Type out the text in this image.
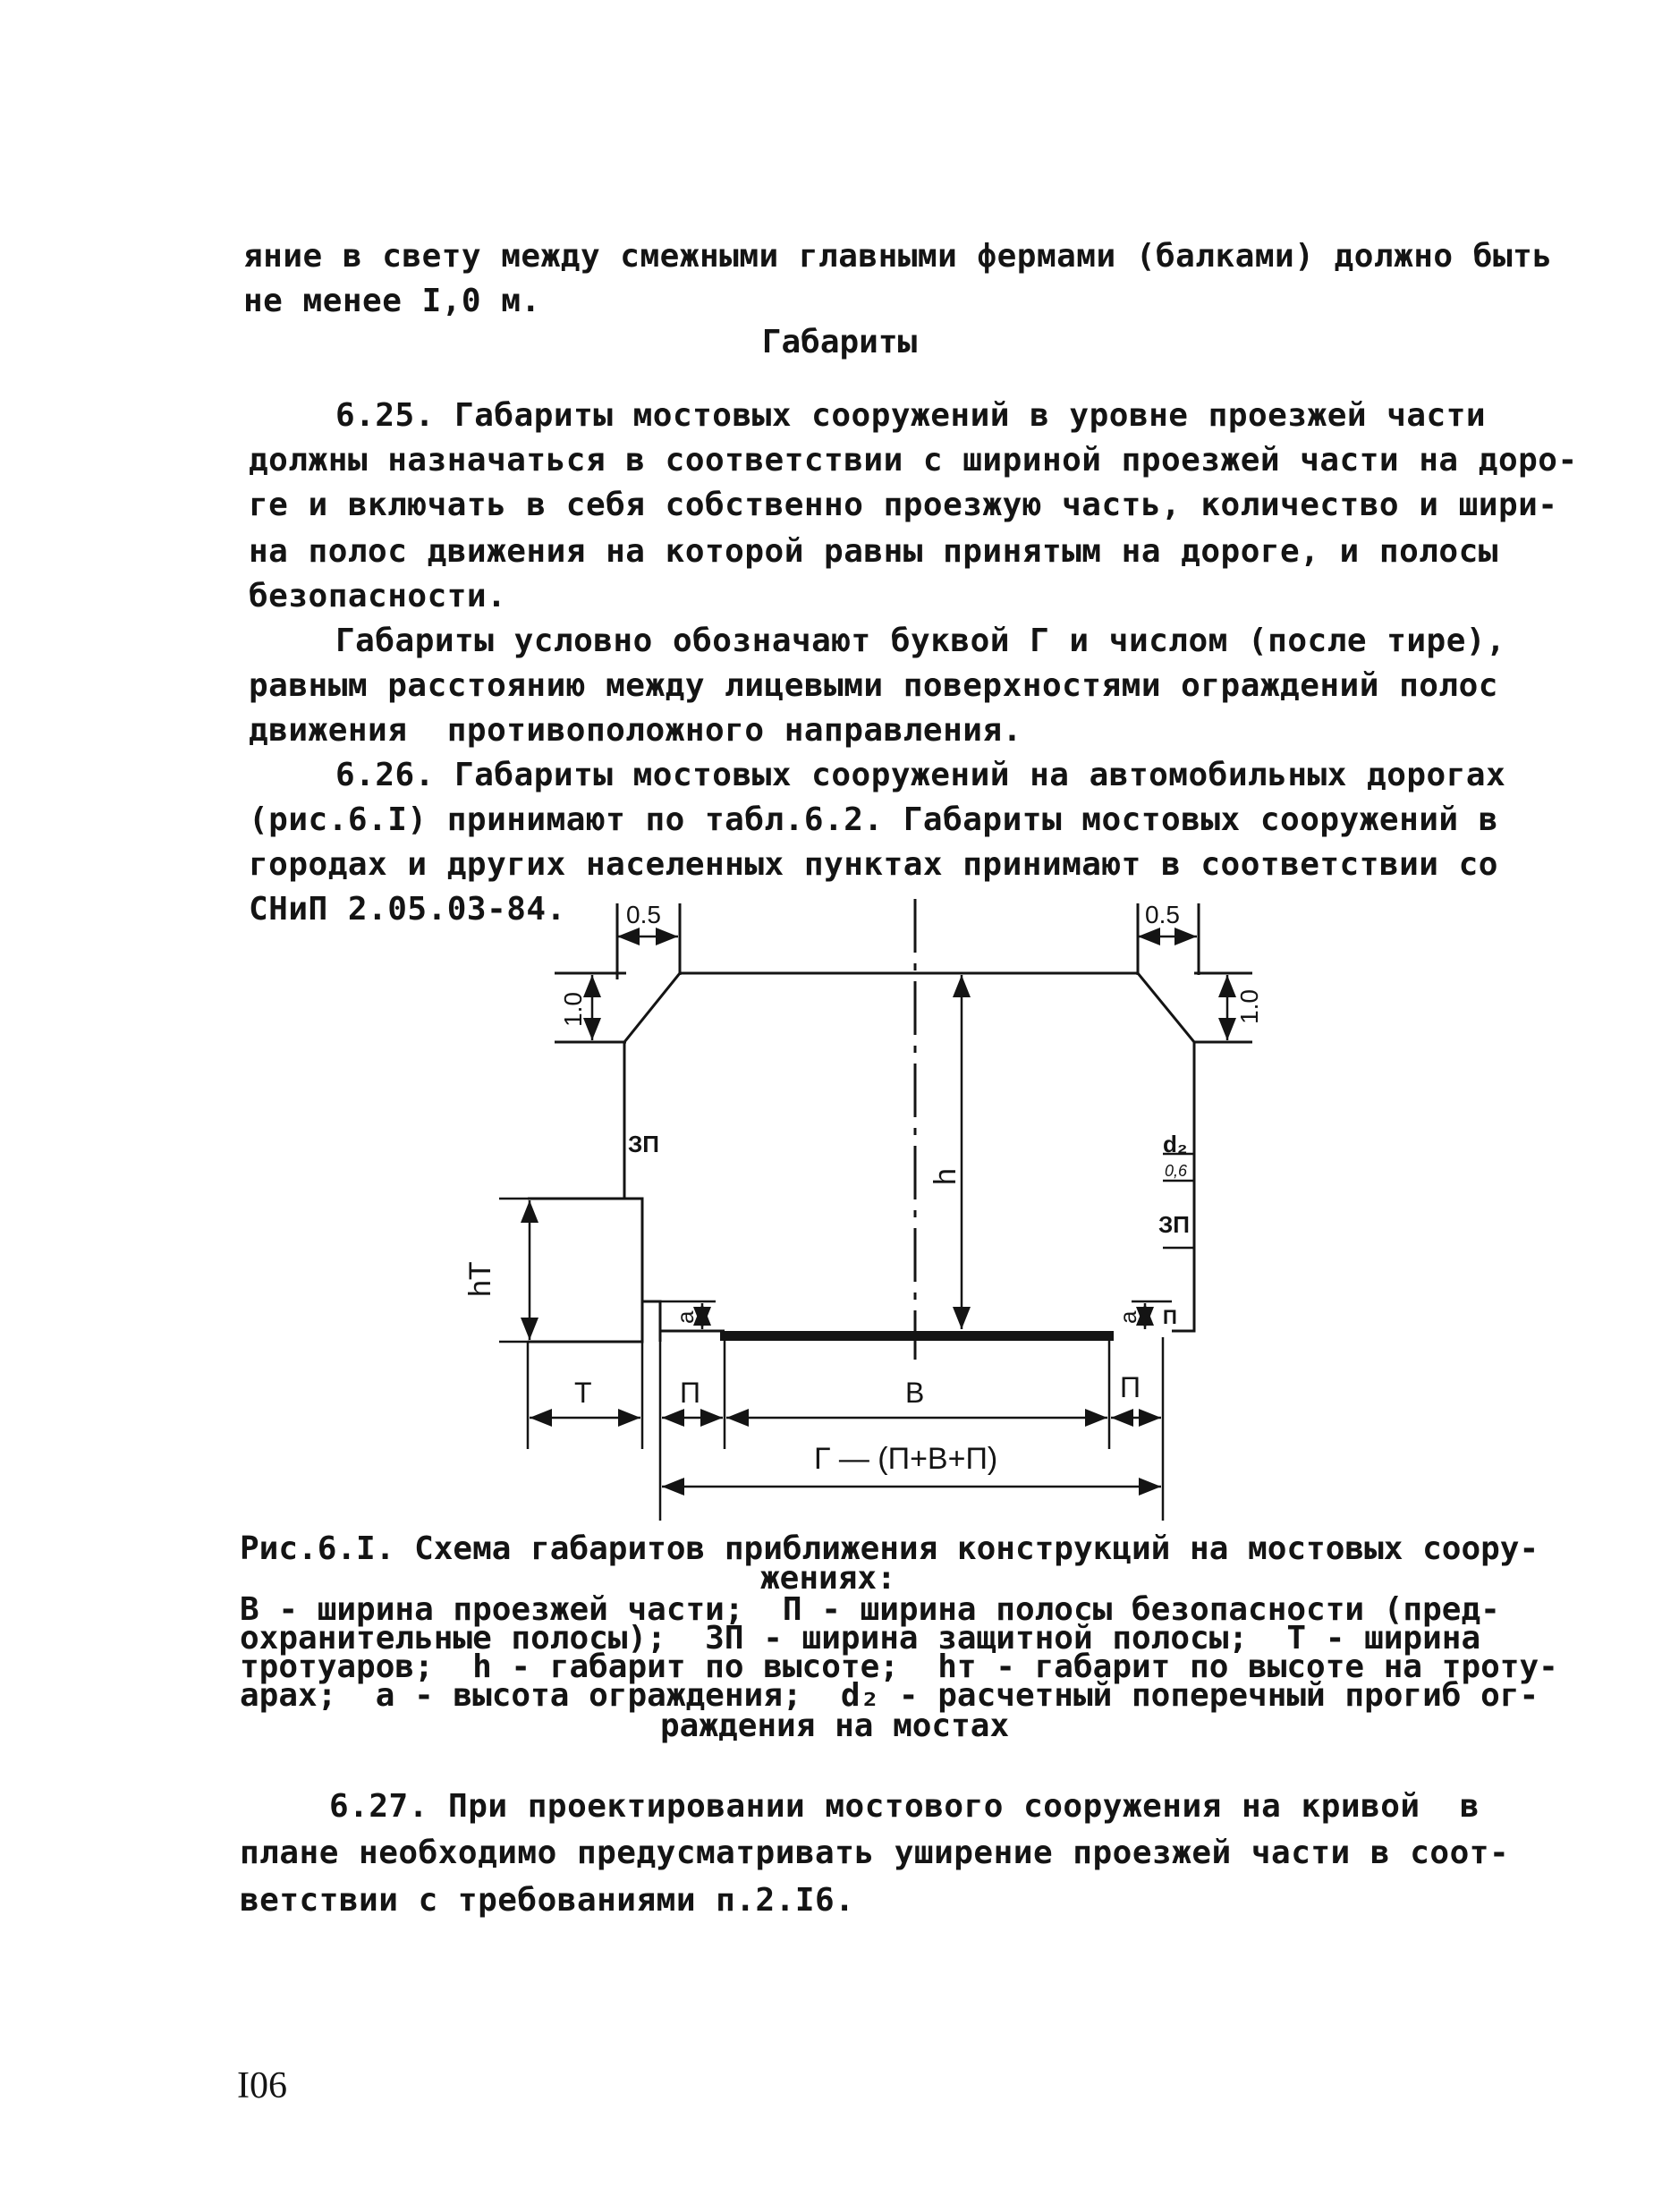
яние в свету между смежными главными фермами (балками) должно быть

не менее I,0 м.

Габариты

6.25. Габариты мостовых сооружений в уровне проезжей части

должны назначаться в соответствии с шириной проезжей части на доро-

ге и включать в себя собственно проезжую часть, количество и шири-

на полос движения на которой равны принятым на дороге, и полосы

безопасности.

Габариты условно обозначают буквой Г и числом (после тире),

равным расстоянию между лицевыми поверхностями ограждений полос

движения  противоположного направления.

6.26. Габариты мостовых сооружений на автомобильных дорогах

(рис.6.I) принимают по табл.6.2. Габариты мостовых сооружений в

городах и других населенных пунктах принимают в соответствии со

СНиП 2.05.03-84. 0.5	0.5
1.0	1.0
ЗП
ЗП
d₂
0,6
h
hT
a	a П
Т	П	В	П
Г — (П+В+П)
Рис.6.I. Схема габаритов приближения конструкций на мостовых соору-
жениях:
В - ширина проезжей части;  П - ширина полосы безопасности (пред-
охранительные полосы);  ЗП - ширина защитной полосы;  Т - ширина
тротуаров;  h - габарит по высоте;  hт - габарит по высоте на троту-
арах;  a - высота ограждения;  d₂ - расчетный поперечный прогиб ог-
раждения на мостах

6.27. При проектировании мостового сооружения на кривой  в

плане необходимо предусматривать уширение проезжей части в соот-

ветствии с требованиями п.2.I6.

I06
